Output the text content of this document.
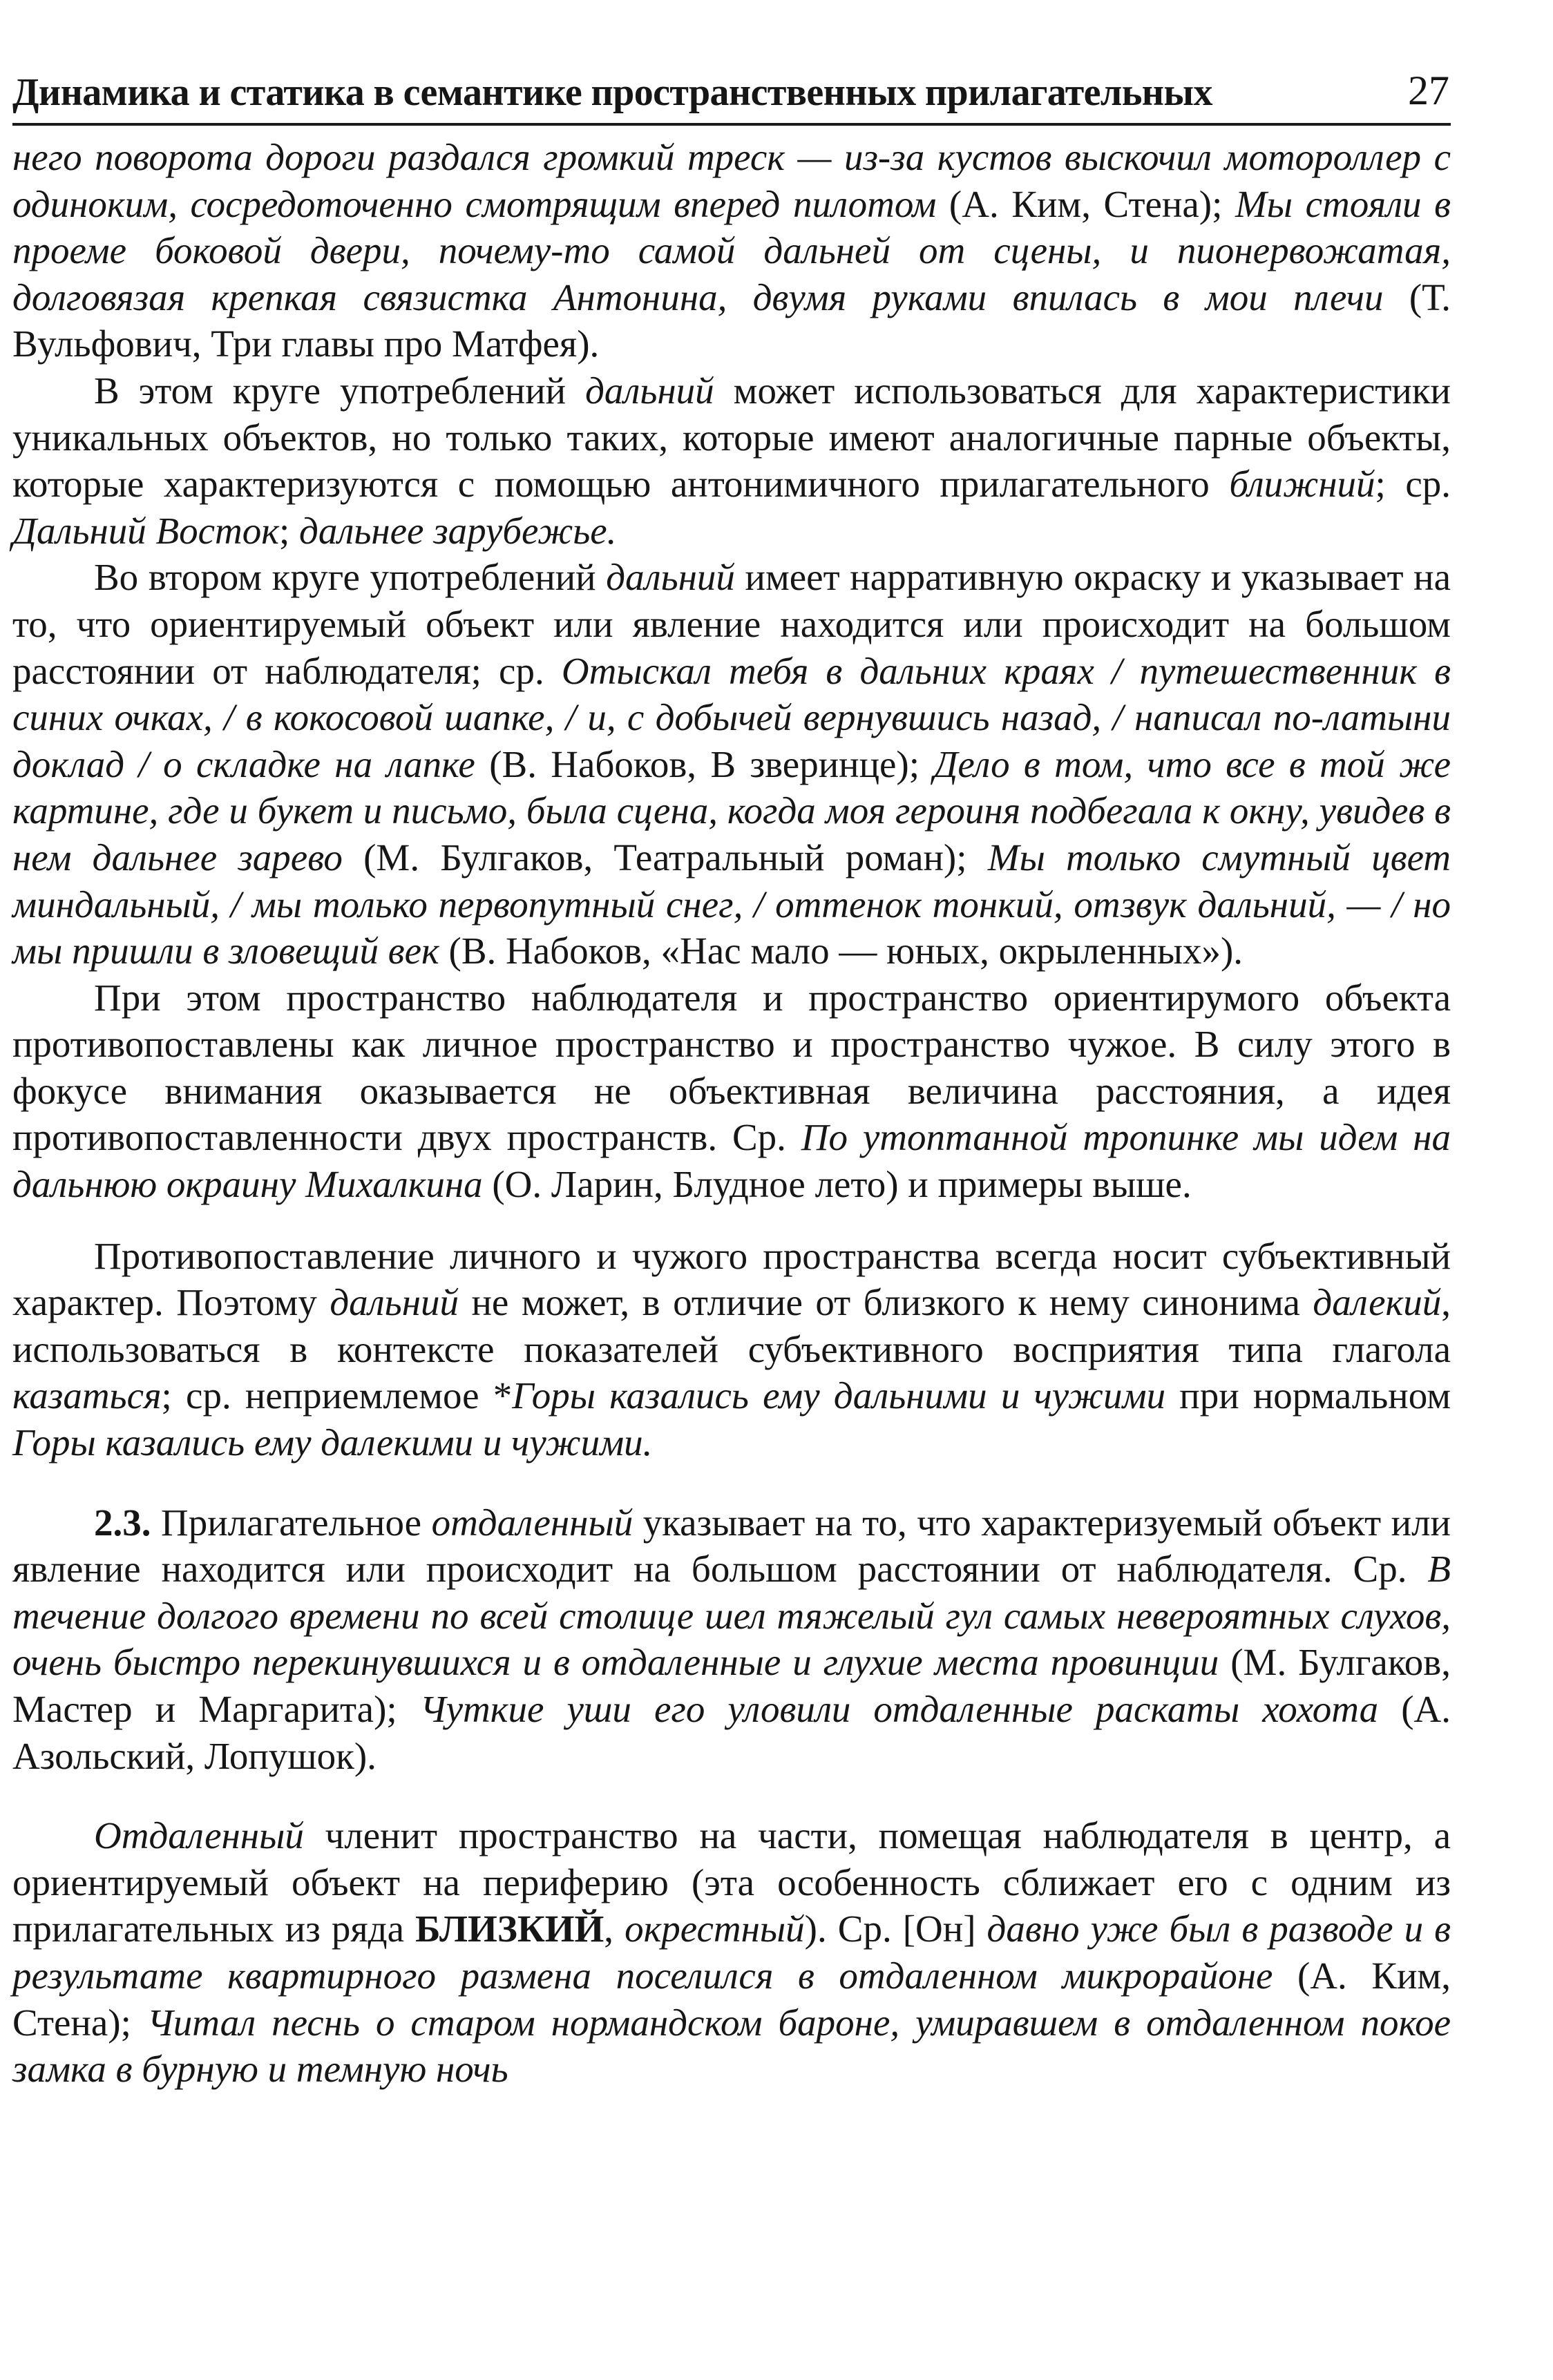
Динамика и статика в семантике пространственных прилагательных	27

него поворота дороги раздался громкий треск — из-за кустов выскочил мотороллер с одиноким, сосредоточенно смотрящим вперед пилотом (А. Ким, Стена); Мы стояли в проеме боковой двери, почему-то самой дальней от сцены, и пионервожатая, долговязая крепкая связистка Антонина, двумя руками впилась в мои плечи (Т. Вульфович, Три главы про Матфея).

В этом круге употреблений дальний может использоваться для характеристики уникальных объектов, но только таких, которые имеют аналогичные парные объекты, которые характеризуются с помощью антонимичного прилагательного ближний; ср. Дальний Восток; дальнее зарубежье.

Во втором круге употреблений дальний имеет нарративную окраску и указывает на то, что ориентируемый объект или явление находится или происходит на большом расстоянии от наблюдателя; ср. Отыскал тебя в дальних краях / путешественник в синих очках, / в кокосовой шапке, / и, с добычей вернувшись назад, / написал по-латыни доклад / о складке на лапке (В. Набоков, В зверинце); Дело в том, что все в той же картине, где и букет и письмо, была сцена, когда моя героиня подбегала к окну, увидев в нем дальнее зарево (М. Булгаков, Театральный роман); Мы только смутный цвет миндальный, / мы только первопутный снег, / оттенок тонкий, отзвук дальний, — / но мы пришли в зловещий век (В. Набоков, «Нас мало — юных, окрыленных»).

При этом пространство наблюдателя и пространство ориентирумого объекта противопоставлены как личное пространство и пространство чужое. В силу этого в фокусе внимания оказывается не объективная величина расстояния, а идея противопоставленности двух пространств. Ср. По утоптанной тропинке мы идем на дальнюю окраину Михалкина (О. Ларин, Блудное лето) и примеры выше.

Противопоставление личного и чужого пространства всегда носит субъективный характер. Поэтому дальний не может, в отличие от близкого к нему синонима далекий, использоваться в контексте показателей субъективного восприятия типа глагола казаться; ср. неприемлемое *Горы казались ему дальними и чужими при нормальном Горы казались ему далекими и чужими.

2.3. Прилагательное отдаленный указывает на то, что характеризуемый объект или явление находится или происходит на большом расстоянии от наблюдателя. Ср. В течение долгого времени по всей столице шел тяжелый гул самых невероятных слухов, очень быстро перекинувшихся и в отдаленные и глухие места провинции (М. Булгаков, Мастер и Маргарита); Чуткие уши его уловили отдаленные раскаты хохота (А. Азольский, Лопушок).

Отдаленный членит пространство на части, помещая наблюдателя в центр, а ориентируемый объект на периферию (эта особенность сближает его с одним из прилагательных из ряда БЛИЗКИЙ, окрестный). Ср. [Он] давно уже был в разводе и в результате квартирного размена поселился в отдаленном микрорайоне (А. Ким, Стена); Читал песнь о старом нормандском бароне, умиравшем в отдаленном покое замка в бурную и темную ночь
